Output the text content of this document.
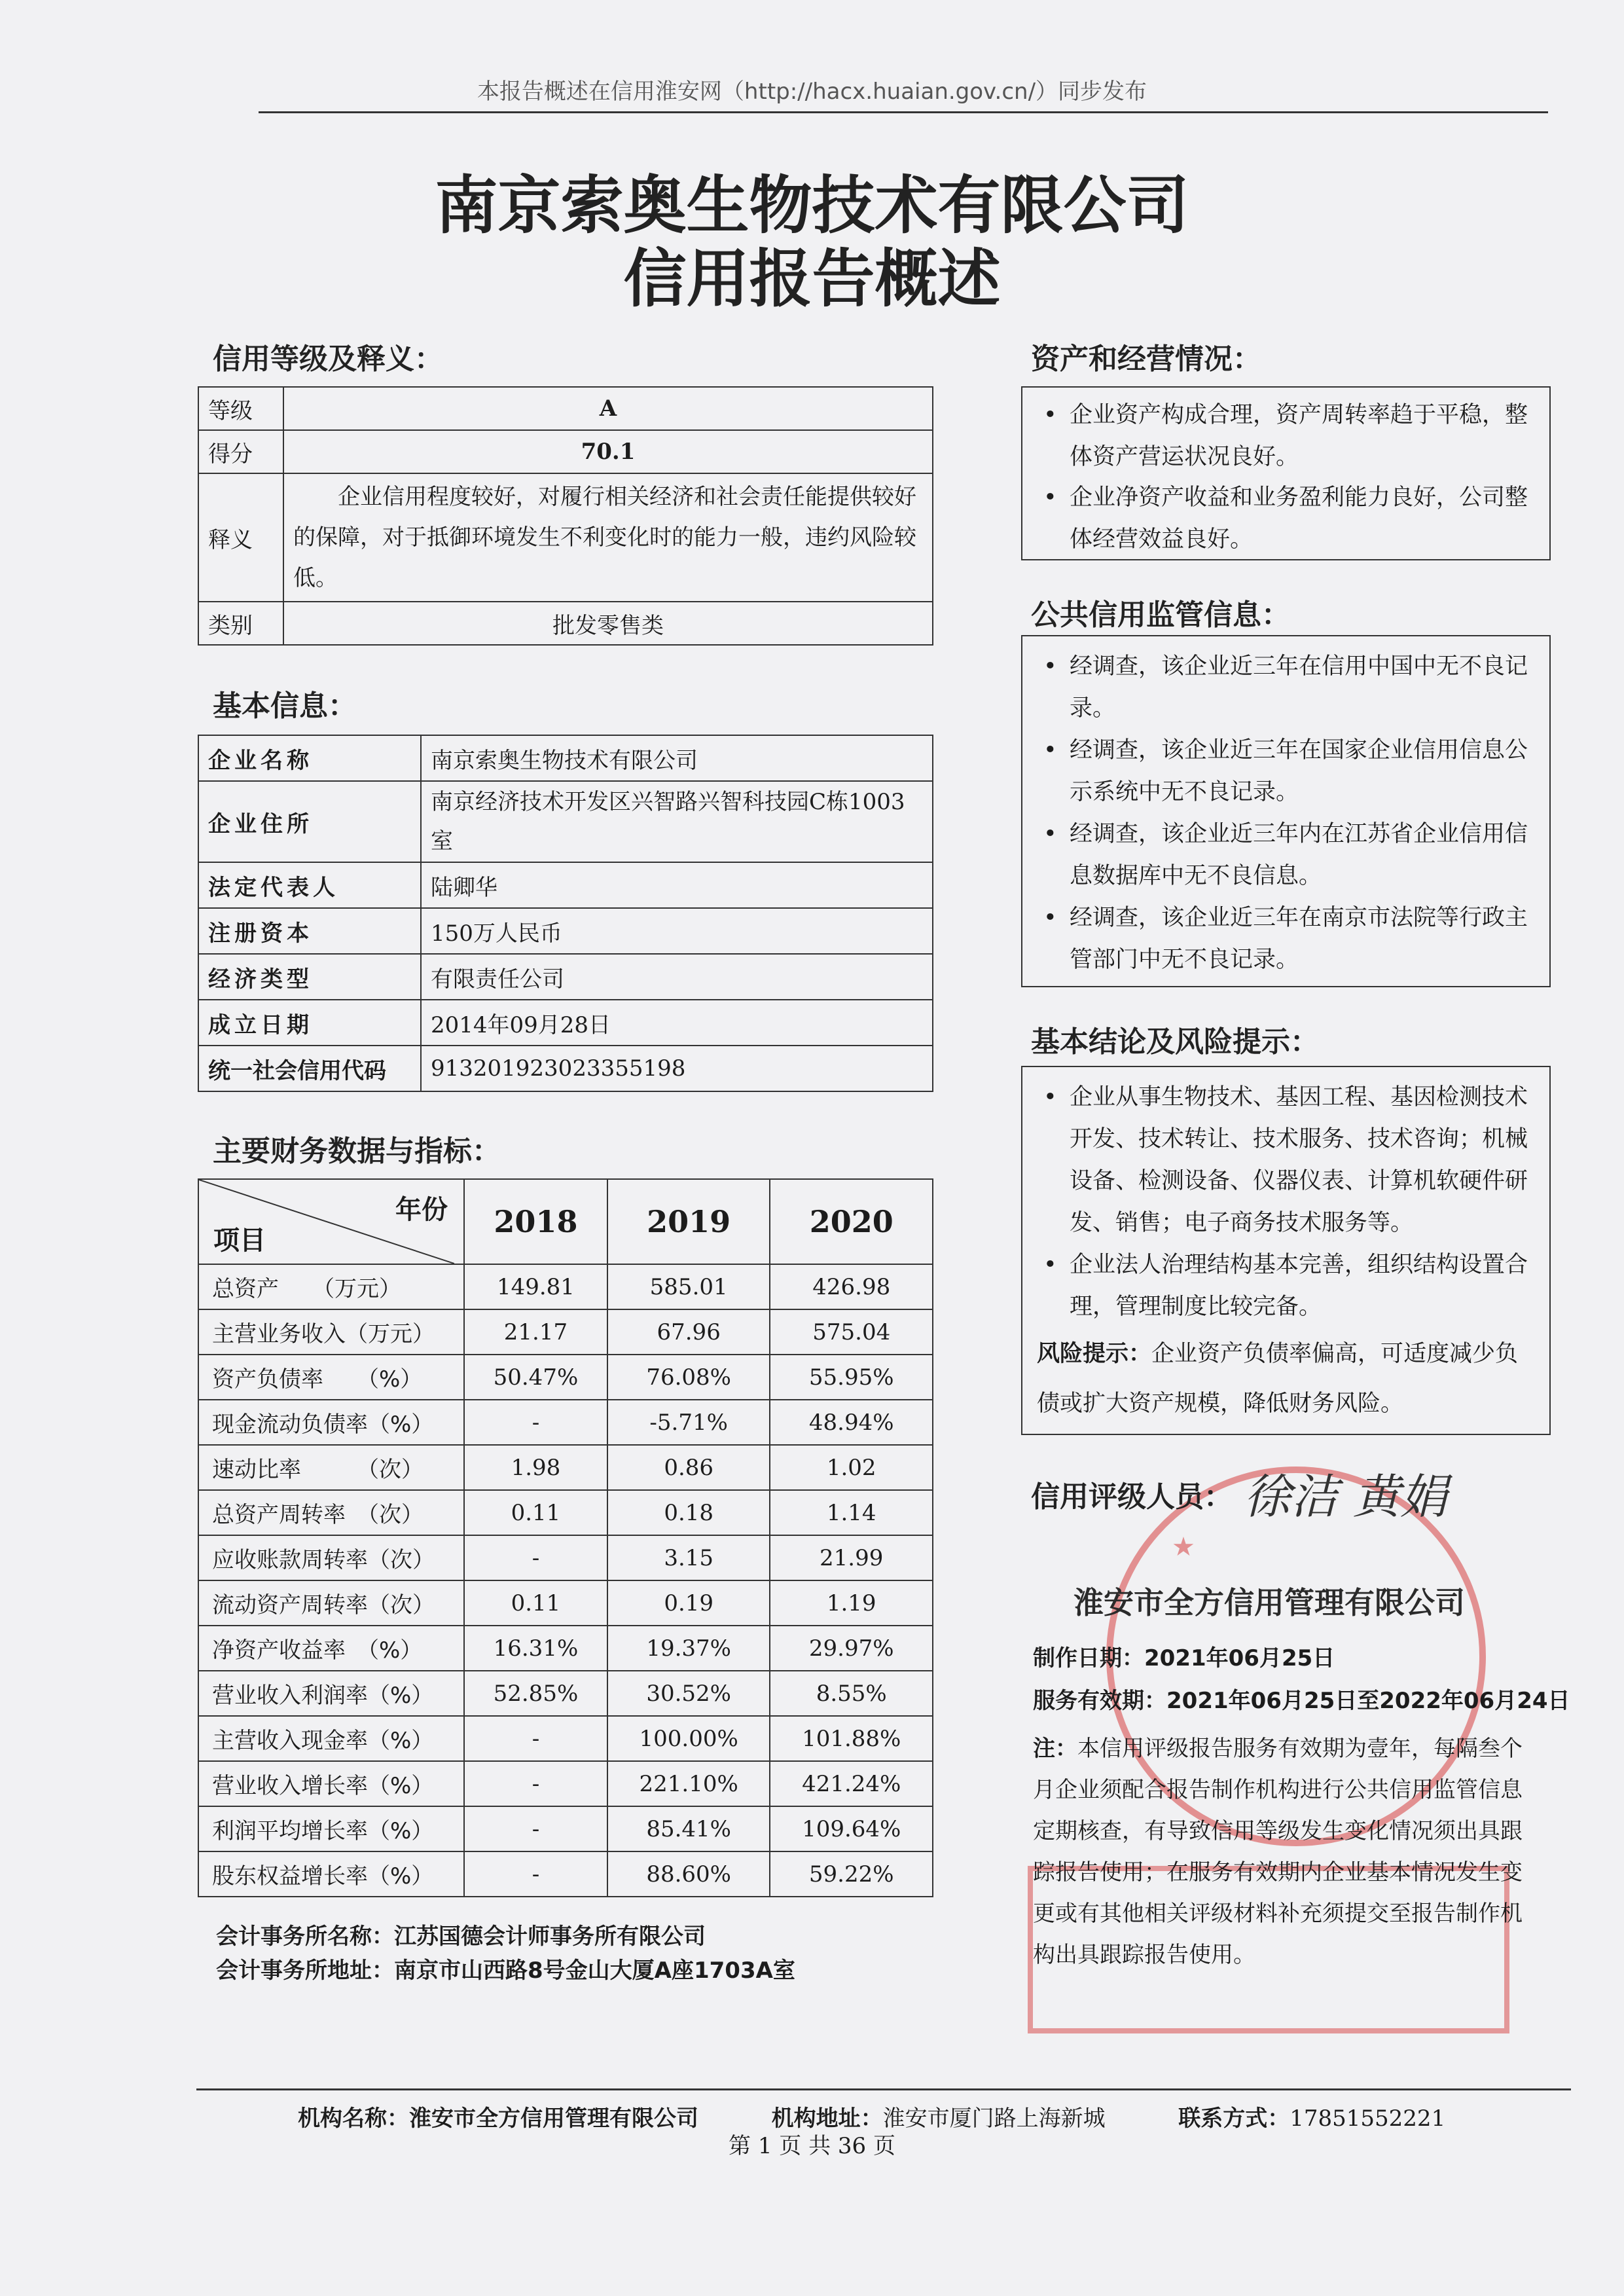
本报告概述在信用淮安网（http://hacx.huaian.gov.cn/）同步发布
南京索奥生物技术有限公司
信用报告概述
信用等级及释义：
等级	A
得分	70.1
释义	企业信用程度较好，对履行相关经济和社会责任能提供较好的保障，对于抵御环境发生不利变化时的能力一般，违约风险较低。
类别	批发零售类
基本信息：
企业名称	南京索奥生物技术有限公司
企业住所	南京经济技术开发区兴智路兴智科技园C栋1003室
法定代表人	陆卿华
注册资本	150万人民币
经济类型	有限责任公司
成立日期	2014年09月28日
统一社会信用代码	913201923023355198
主要财务数据与指标：
年份
项目	2018	2019	2020
总资产　　（万元）	149.81	585.01	426.98
主营业务收入（万元）	21.17	67.96	575.04
资产负债率　　（%）	50.47%	76.08%	55.95%
现金流动负债率（%）	-	-5.71%	48.94%
速动比率　　　（次）	1.98	0.86	1.02
总资产周转率　（次）	0.11	0.18	1.14
应收账款周转率（次）	-	3.15	21.99
流动资产周转率（次）	0.11	0.19	1.19
净资产收益率　（%）	16.31%	19.37%	29.97%
营业收入利润率（%）	52.85%	30.52%	8.55%
主营收入现金率（%）	-	100.00%	101.88%
营业收入增长率（%）	-	221.10%	421.24%
利润平均增长率（%）	-	85.41%	109.64%
股东权益增长率（%）	-	88.60%	59.22%
会计事务所名称：江苏国德会计师事务所有限公司
会计事务所地址：南京市山西路8号金山大厦A座1703A室
资产和经营情况：
• 企业资产构成合理，资产周转率趋于平稳，整体资产营运状况良好。
• 企业净资产收益和业务盈利能力良好，公司整体经营效益良好。
公共信用监管信息：
• 经调查，该企业近三年在信用中国中无不良记录。
• 经调查，该企业近三年在国家企业信用信息公示系统中无不良记录。
• 经调查，该企业近三年内在江苏省企业信用信息数据库中无不良信息。
• 经调查，该企业近三年在南京市法院等行政主管部门中无不良记录。
基本结论及风险提示：
• 企业从事生物技术、基因工程、基因检测技术开发、技术转让、技术服务、技术咨询；机械设备、检测设备、仪器仪表、计算机软硬件研发、销售；电子商务技术服务等。
• 企业法人治理结构基本完善，组织结构设置合理，管理制度比较完备。
风险提示：企业资产负债率偏高，可适度减少负债或扩大资产规模，降低财务风险。
★
信用评级人员： 徐洁 黄娟
淮安市全方信用管理有限公司
制作日期：2021年06月25日
服务有效期：2021年06月25日至2022年06月24日
注：本信用评级报告服务有效期为壹年，每隔叁个月企业须配合报告制作机构进行公共信用监管信息定期核查，有导致信用等级发生变化情况须出具跟踪报告使用；在服务有效期内企业基本情况发生变更或有其他相关评级材料补充须提交至报告制作机构出具跟踪报告使用。
机构名称：淮安市全方信用管理有限公司	机构地址：淮安市厦门路上海新城	联系方式：17851552221
第 1 页 共 36 页
